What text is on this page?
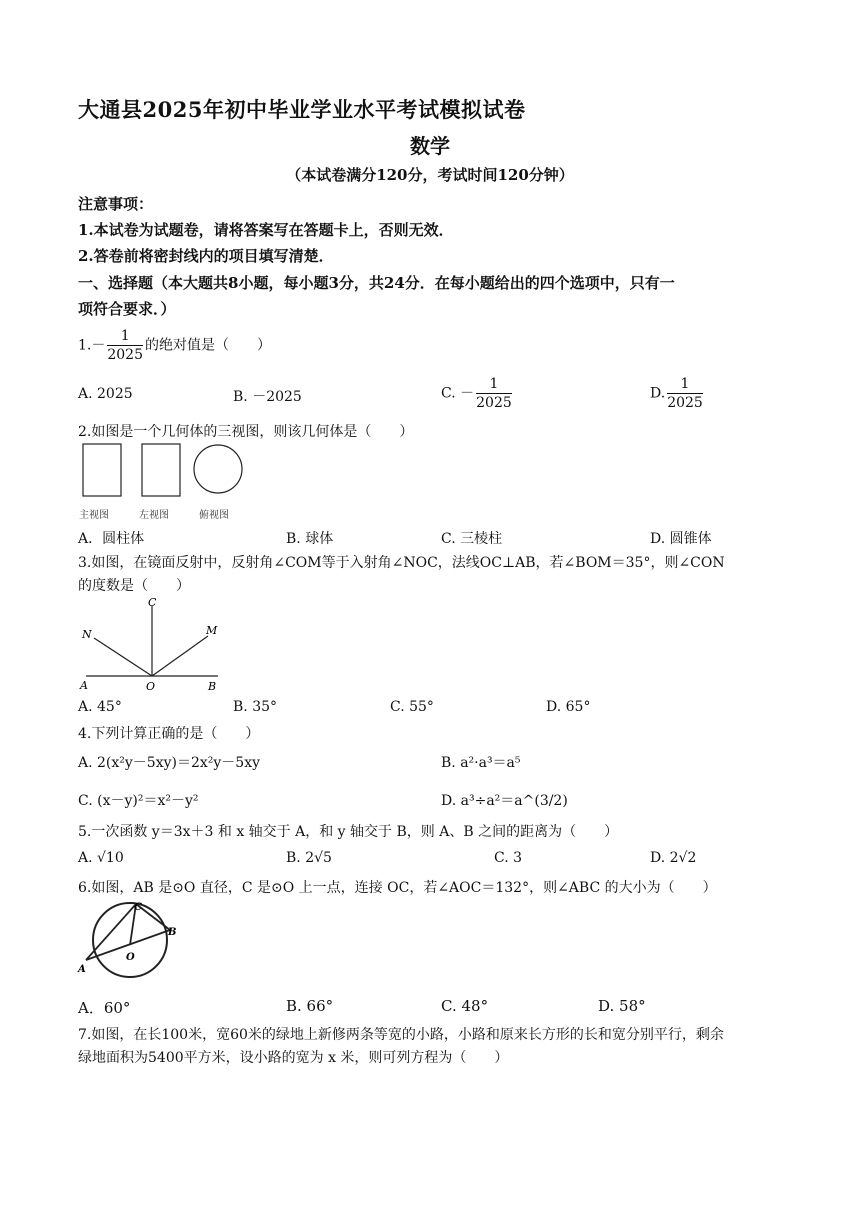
大通县2025年初中毕业学业水平考试模拟试卷
数学
（本试卷满分120分，考试时间120分钟）
注意事项：
1.本试卷为试题卷，请将答案写在答题卡上，否则无效．
2.答卷前将密封线内的项目填写清楚．
一、选择题（本大题共8小题，每小题3分，共24分．在每小题给出的四个选项中，只有一
项符合要求．）
$1.- \frac{1}{2025}$ 的绝对值是（　　）
A. 2025	B. －2025	C. － $\frac{1}{2025}$	D. $\frac{1}{2025}$
2.如图是一个几何体的三视图，则该几何体是（　　）
主视图	左视图	俯视图
A．圆柱体	B. 球体	C. 三棱柱	D. 圆锥体
3.如图，在镜面反射中，反射角∠COM等于入射角∠NOC，法线OC⊥AB，若∠BOM＝35°，则∠CON
的度数是（　　）
C
N	M
A	O	B
A. 45°	B. 35°	C. 55°	D. 65°
4.下列计算正确的是（　　）
A. 2(x²y－5xy)＝2x²y－5xy	B. a²·a³＝a⁵
C. (x－y)²＝x²－y²	D. a³÷a²＝a^(3/2)
5.一次函数 y＝3x＋3 和 x 轴交于 A，和 y 轴交于 B，则 A、B 之间的距离为（　　）
A. √10	B. 2√5	C. 3	D. 2√2
6.如图，AB 是⊙O 直径，C 是⊙O 上一点，连接 OC，若∠AOC＝132°，则∠ABC 的大小为（　　）
C
B
A
O
A．60°	B. 66°	C. 48°	D. 58°
7.如图，在长100米，宽60米的绿地上新修两条等宽的小路，小路和原来长方形的长和宽分别平行，剩余
绿地面积为5400平方米，设小路的宽为 x 米，则可列方程为（　　）
